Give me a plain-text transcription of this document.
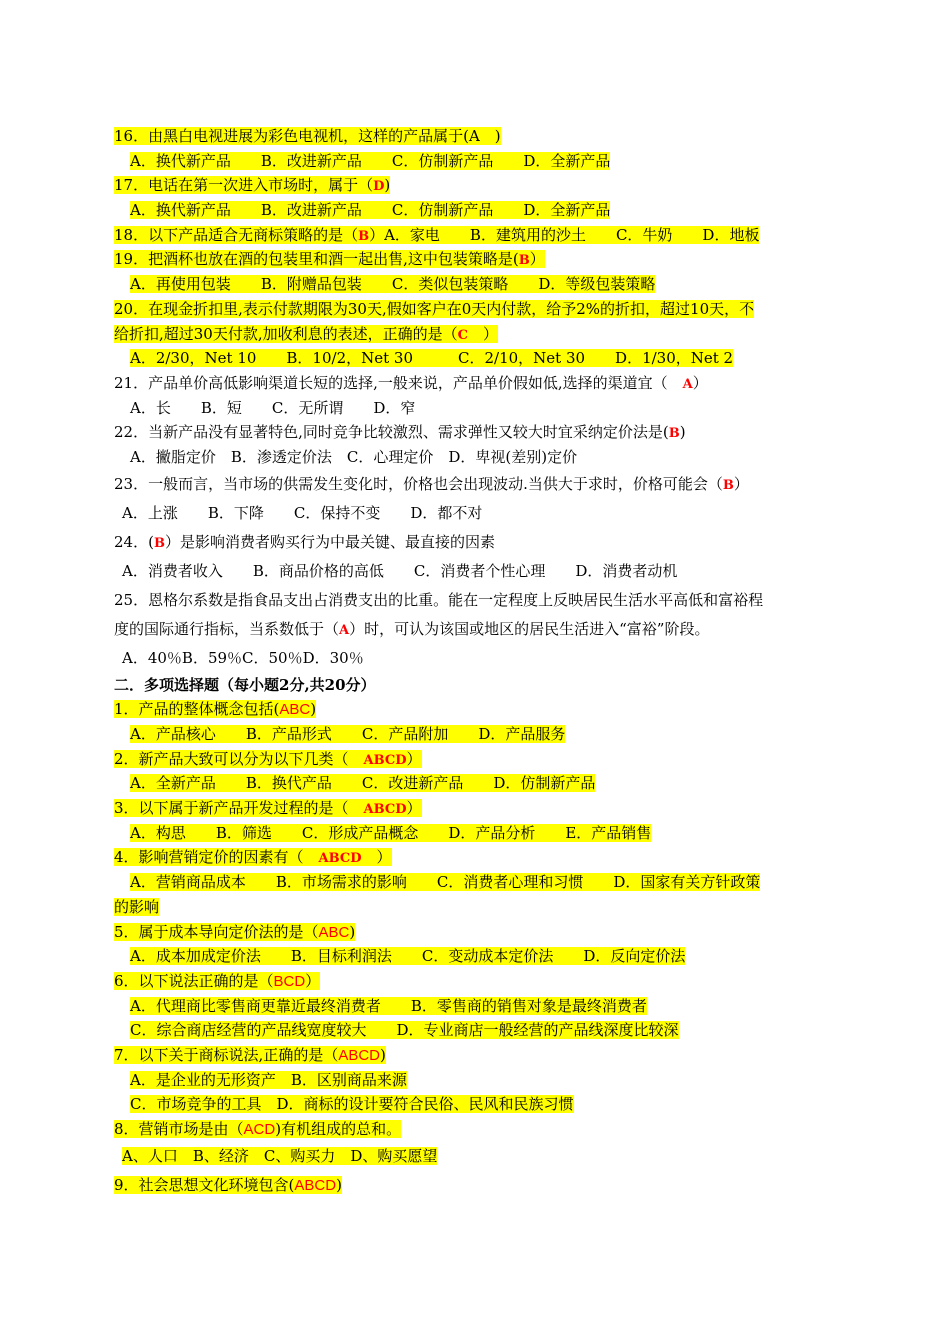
16．由黑白电视进展为彩色电视机，这样的产品属于(A　)
A．换代新产品　　B．改进新产品　　C．仿制新产品　　D．全新产品
17．电话在第一次进入市场时，属于（D)
A．换代新产品　　B．改进新产品　　C．仿制新产品　　D．全新产品
18．以下产品适合无商标策略的是（B）A．家电　　B．建筑用的沙土　　C．牛奶　　D．地板
19．把酒杯也放在酒的包装里和酒一起出售,这中包装策略是(B）
A．再使用包装　　B．附赠品包装　　C．类似包装策略　　D．等级包装策略
20．在现金折扣里,表示付款期限为30天,假如客户在0天内付款，给予2%的折扣，超过10天，不
给折扣,超过30天付款,加收利息的表述，正确的是（C　）
A．2/30，Net 10　　B．10/2，Net 30　　　C．2/10，Net 30　　D．1/30，Net 2
21．产品单价高低影响渠道长短的选择,一般来说，产品单价假如低,选择的渠道宜（　A）
A．长　　B．短　　C．无所谓　　D．窄
22．当新产品没有显著特色,同时竞争比较激烈、需求弹性又较大时宜采纳定价法是(B)
A．撇脂定价　B．渗透定价法　C．心理定价　D．卑视(差别)定价
23．一般而言，当市场的供需发生变化时，价格也会出现波动.当供大于求时，价格可能会（B）
A．上涨　　B．下降　　C．保持不变　　D．都不对
24．(B）是影响消费者购买行为中最关键、最直接的因素
A．消费者收入　　B．商品价格的高低　　C．消费者个性心理　　D．消费者动机
25．恩格尔系数是指食品支出占消费支出的比重。能在一定程度上反映居民生活水平高低和富裕程
度的国际通行指标，当系数低于（A）时，可认为该国或地区的居民生活进入“富裕”阶段。
A．40％B．59％C．50％D．30％
二．多项选择题（每小题2分,共20分）
1．产品的整体概念包括(ABC)
A．产品核心　　B．产品形式　　C．产品附加　　D．产品服务
2．新产品大致可以分为以下几类（　ABCD）
A．全新产品　　B．换代产品　　C．改进新产品　　D．仿制新产品
3．以下属于新产品开发过程的是（　ABCD）
A．构思　　B．筛选　　C．形成产品概念　　D．产品分析　　E．产品销售
4．影响营销定价的因素有（　ABCD　）
A．营销商品成本　　B．市场需求的影响　　C．消费者心理和习惯　　D．国家有关方针政策
的影响
5．属于成本导向定价法的是（ABC)
A．成本加成定价法　　B．目标利润法　　C．变动成本定价法　　D．反向定价法
6．以下说法正确的是（BCD）
A．代理商比零售商更靠近最终消费者　　B．零售商的销售对象是最终消费者
C．综合商店经营的产品线宽度较大　　D．专业商店一般经营的产品线深度比较深
7．以下关于商标说法,正确的是（ABCD)
A．是企业的无形资产　B．区别商品来源
C．市场竞争的工具　D．商标的设计要符合民俗、民风和民族习惯
8．营销市场是由（ACD)有机组成的总和。
A、人口　B、经济　C、购买力　D、购买愿望
9．社会思想文化环境包含(ABCD)
